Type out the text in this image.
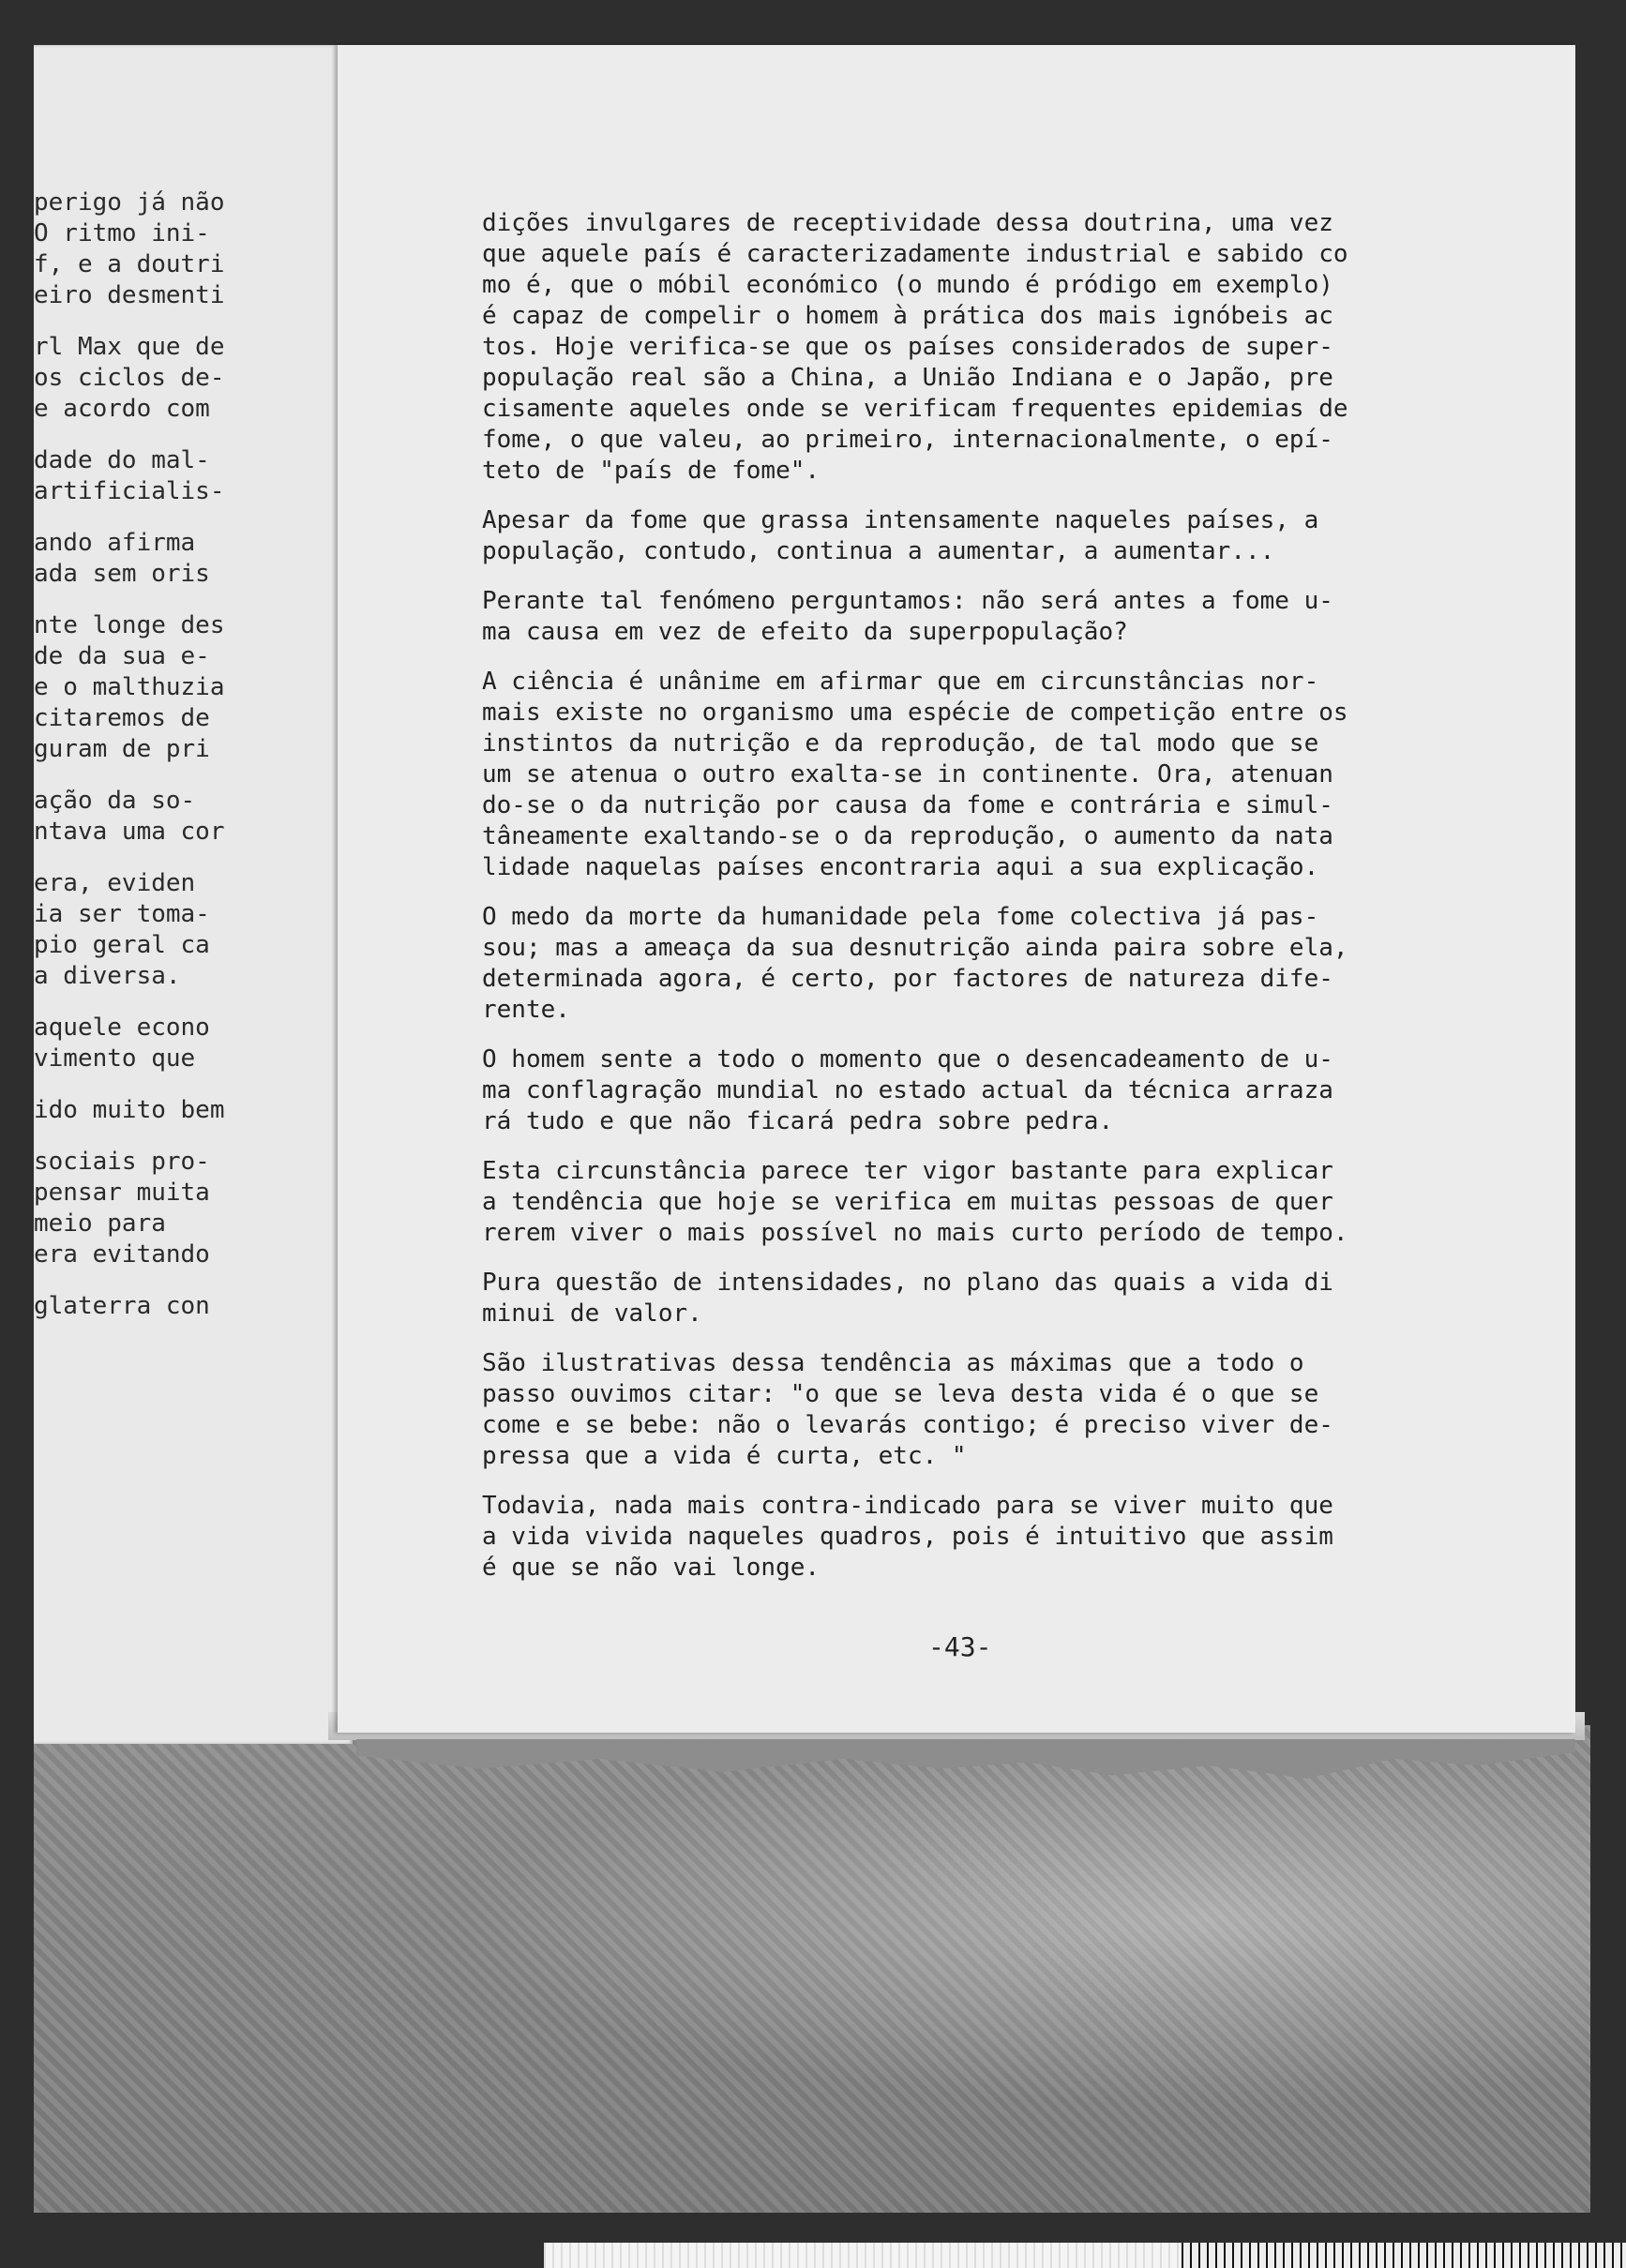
perigo já não
O ritmo ini-
f, e a doutri
eiro desmenti
rl Max que de
os ciclos de-
e acordo com
dade do mal-
artificialis-
ando afirma
ada sem oris
nte longe des
de da sua e-
e o malthuzia
citaremos de
guram de pri
ação da so-
ntava uma cor
era, eviden
ia ser toma-
pio geral ca
a diversa.
aquele econo
vimento que
ido muito bem
sociais pro-
pensar muita
meio para
era evitando
glaterra con
dições invulgares de receptividade dessa doutrina, uma vez
que aquele país é caracterizadamente industrial e sabido co
mo é, que o móbil económico (o mundo é pródigo em exemplo)
é capaz de compelir o homem à prática dos mais ignóbeis ac
tos. Hoje verifica-se que os países considerados de super-
população real são a China, a União Indiana e o Japão, pre
cisamente aqueles onde se verificam frequentes epidemias de
fome, o que valeu, ao primeiro, internacionalmente, o epí-
teto de "país de fome".
Apesar da fome que grassa intensamente naqueles países, a
população, contudo, continua a aumentar, a aumentar...
Perante tal fenómeno perguntamos: não será antes a fome u-
ma causa em vez de efeito da superpopulação?
A ciência é unânime em afirmar que em circunstâncias nor-
mais existe no organismo uma espécie de competição entre os
instintos da nutrição e da reprodução, de tal modo que se
um se atenua o outro exalta-se in continente. Ora, atenuan
do-se o da nutrição por causa da fome e contrária e simul-
tâneamente exaltando-se o da reprodução, o aumento da nata
lidade naquelas países encontraria aqui a sua explicação.
O medo da morte da humanidade pela fome colectiva já pas-
sou; mas a ameaça da sua desnutrição ainda paira sobre ela,
determinada agora, é certo, por factores de natureza dife-
rente.
O homem sente a todo o momento que o desencadeamento de u-
ma conflagração mundial no estado actual da técnica arraza
rá tudo e que não ficará pedra sobre pedra.
Esta circunstância parece ter vigor bastante para explicar
a tendência que hoje se verifica em muitas pessoas de quer
rerem viver o mais possível no mais curto período de tempo.
Pura questão de intensidades, no plano das quais a vida di
minui de valor.
São ilustrativas dessa tendência as máximas que a todo o
passo ouvimos citar: "o que se leva desta vida é o que se
come e se bebe: não o levarás contigo; é preciso viver de-
pressa que a vida é curta, etc. "
Todavia, nada mais contra-indicado para se viver muito que
a vida vivida naqueles quadros, pois é intuitivo que assim
é que se não vai longe.
-43-
